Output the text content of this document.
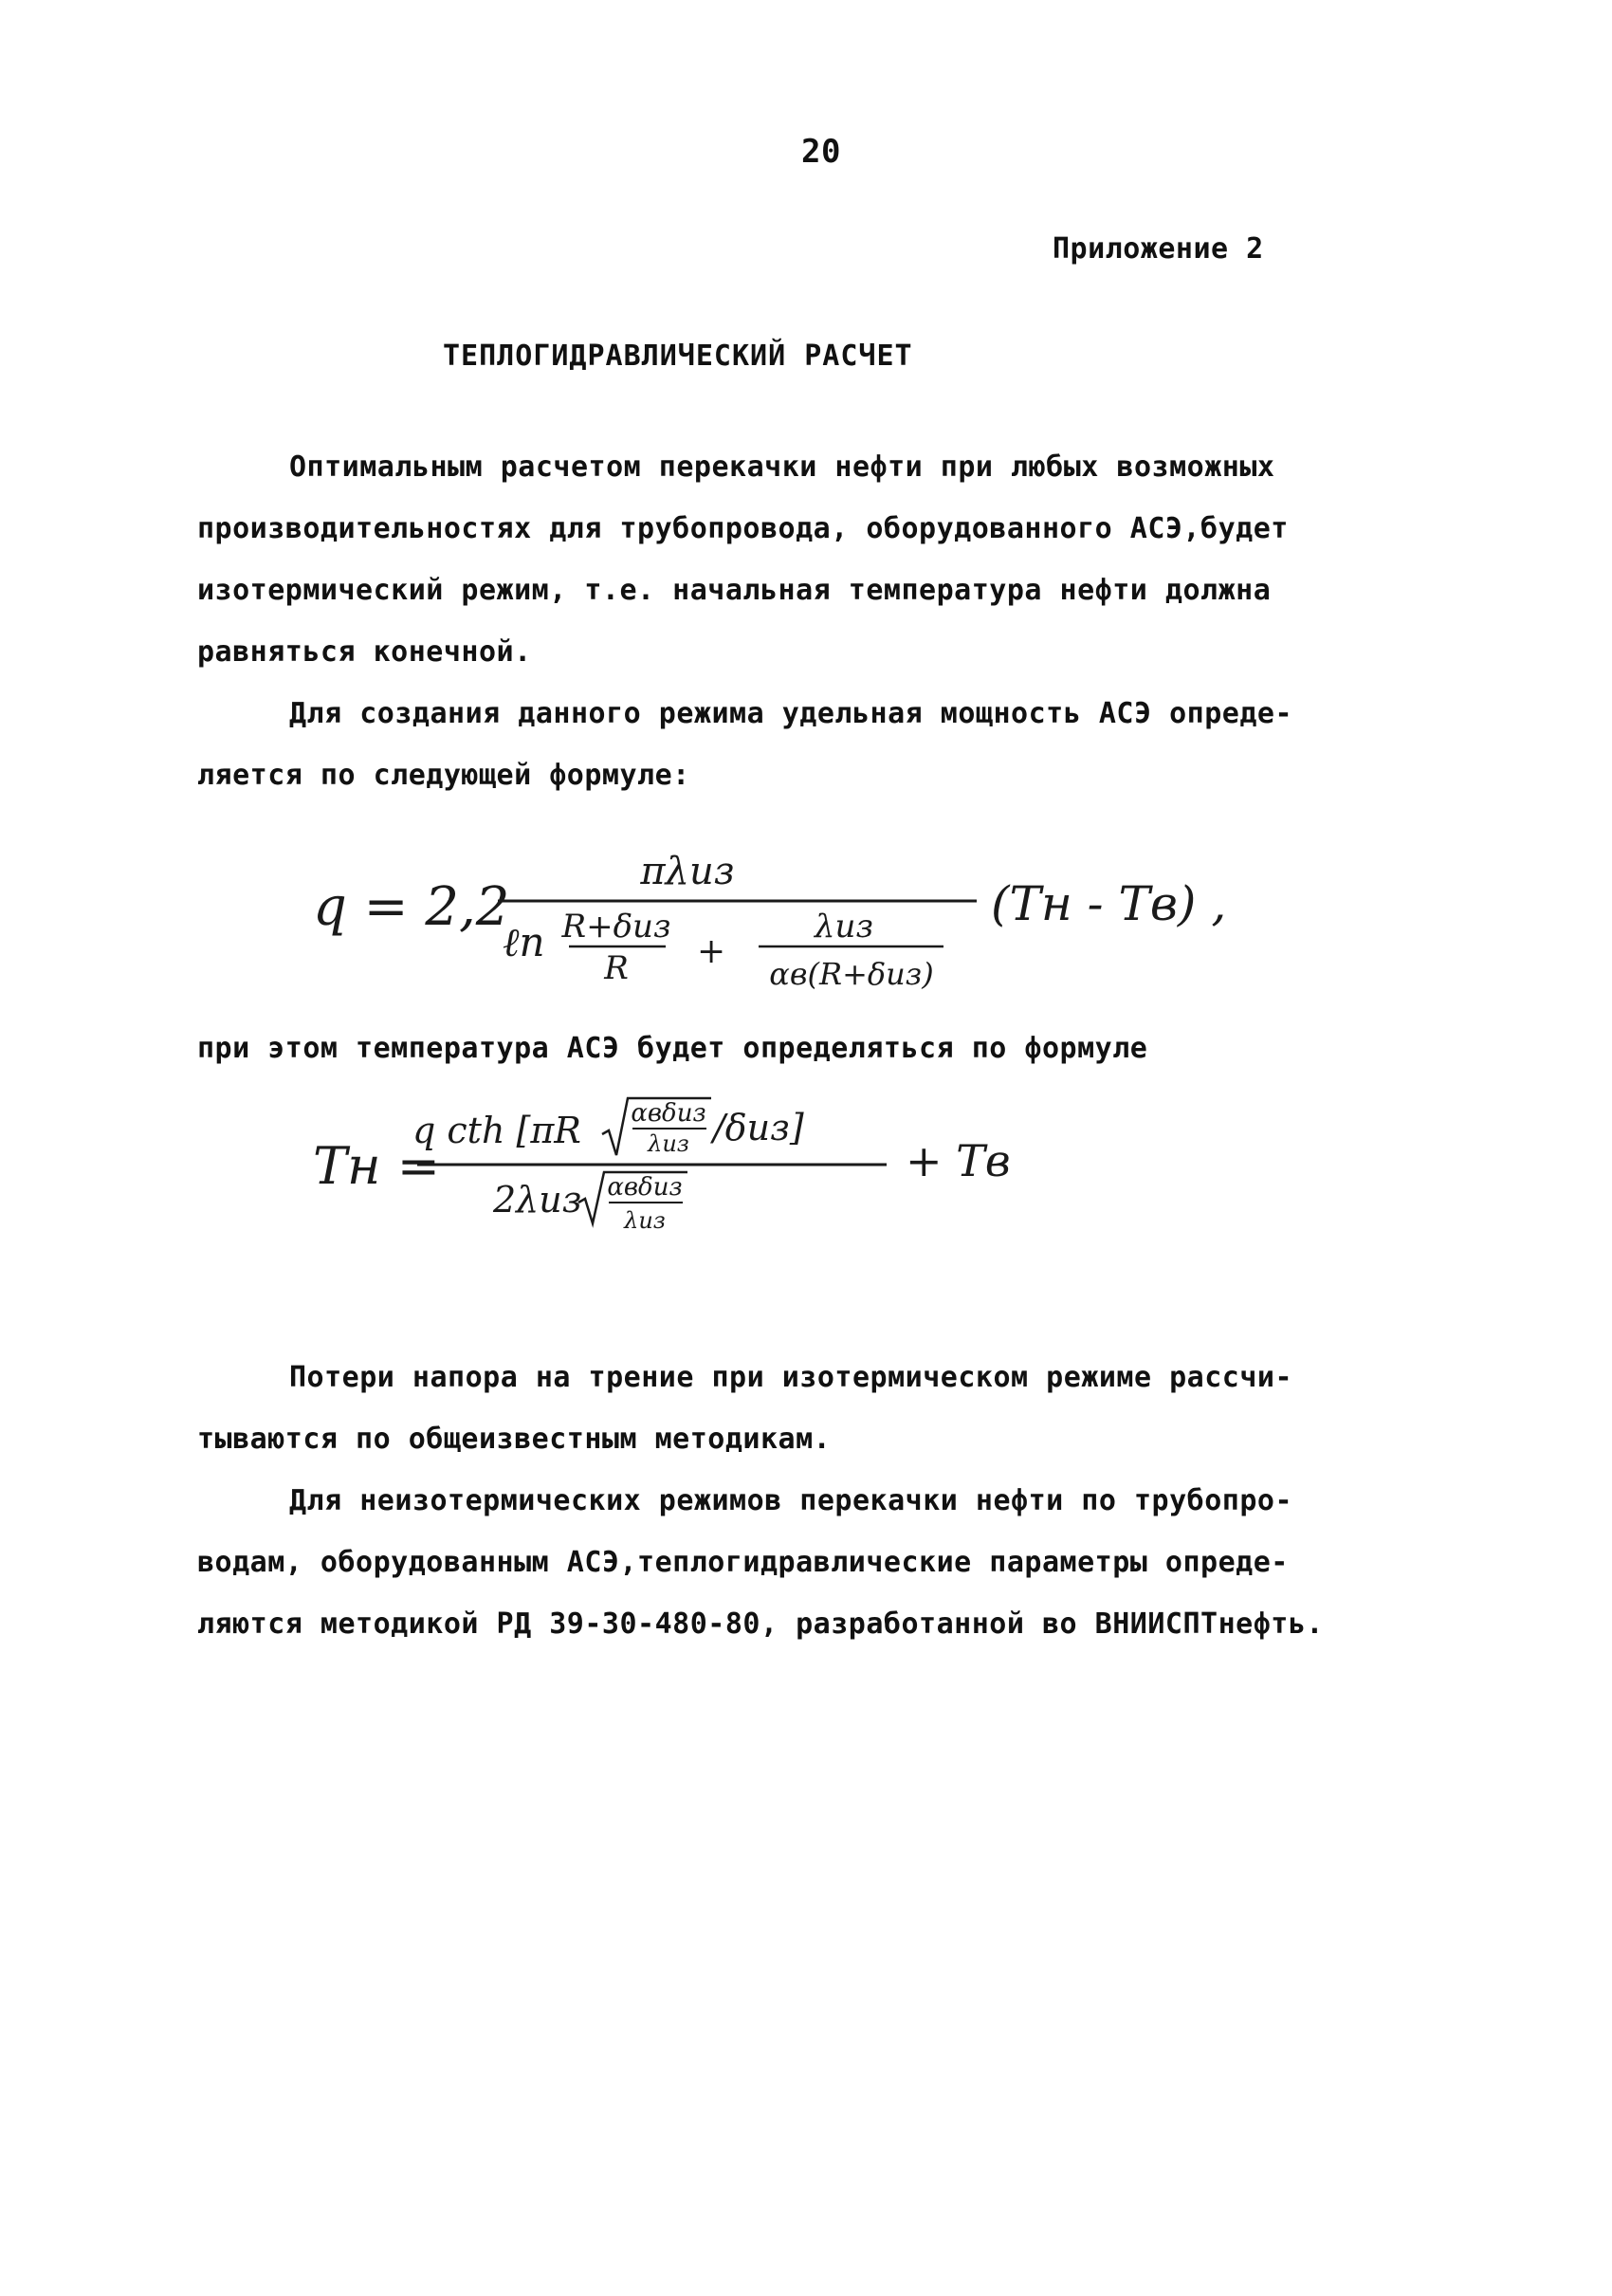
20
Приложение 2
ТЕПЛОГИДРАВЛИЧЕСКИЙ РАСЧЕТ
Оптимальным расчетом перекачки нефти при любых возможных
производительностях для трубопровода, оборудованного АСЭ,будет
изотермический режим, т.е. начальная температура нефти должна
равняться конечной.
Для создания данного режима удельная мощность АСЭ опреде-
ляется по следующей формуле:
q = 2,2
πλиз
ℓn R+δиз
R +
λиз
αв(R+δиз)
(Tн - Tв) ,
при этом температура АСЭ будет определяться по формуле
Tн =
q cth [πR αвδиз
λиз /δиз]
2λиз αвδиз
λиз
+ Tв
Потери напора на трение при изотермическом режиме рассчи-
тываются по общеизвестным методикам.
Для неизотермических режимов перекачки нефти по трубопро-
водам, оборудованным АСЭ,теплогидравлические параметры опреде-
ляются методикой РД 39-30-480-80, разработанной во ВНИИСПТнефть.
